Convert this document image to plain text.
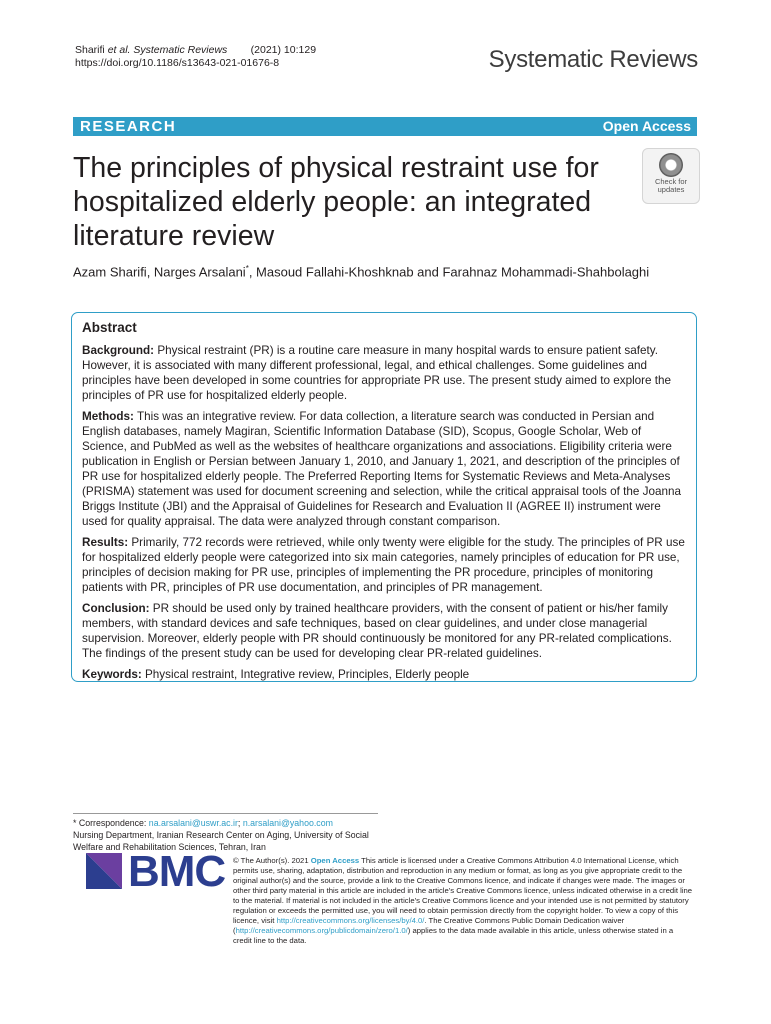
Sharifi et al. Systematic Reviews (2021) 10:129
https://doi.org/10.1186/s13643-021-01676-8	Systematic Reviews
RESEARCH	Open Access
The principles of physical restraint use for hospitalized elderly people: an integrated literature review
Check for
updates
Azam Sharifi, Narges Arsalani*, Masoud Fallahi-Khoshknab and Farahnaz Mohammadi-Shahbolaghi
Abstract

Background: Physical restraint (PR) is a routine care measure in many hospital wards to ensure patient safety. However, it is associated with many different professional, legal, and ethical challenges. Some guidelines and principles have been developed in some countries for appropriate PR use. The present study aimed to explore the principles of PR use for hospitalized elderly people.

Methods: This was an integrative review. For data collection, a literature search was conducted in Persian and English databases, namely Magiran, Scientific Information Database (SID), Scopus, Google Scholar, Web of Science, and PubMed as well as the websites of healthcare organizations and associations. Eligibility criteria were publication in English or Persian between January 1, 2010, and January 1, 2021, and description of the principles of PR use for hospitalized elderly people. The Preferred Reporting Items for Systematic Reviews and Meta-Analyses (PRISMA) statement was used for document screening and selection, while the critical appraisal tools of the Joanna Briggs Institute (JBI) and the Appraisal of Guidelines for Research and Evaluation II (AGREE II) instrument were used for quality appraisal. The data were analyzed through constant comparison.

Results: Primarily, 772 records were retrieved, while only twenty were eligible for the study. The principles of PR use for hospitalized elderly people were categorized into six main categories, namely principles of education for PR use, principles of decision making for PR use, principles of implementing the PR procedure, principles of monitoring patients with PR, principles of PR use documentation, and principles of PR management.

Conclusion: PR should be used only by trained healthcare providers, with the consent of patient or his/her family members, with standard devices and safe techniques, based on clear guidelines, and under close managerial supervision. Moreover, elderly people with PR should continuously be monitored for any PR-related complications. The findings of the present study can be used for developing clear PR-related guidelines.

Keywords: Physical restraint, Integrative review, Principles, Elderly people

* Correspondence: na.arsalani@uswr.ac.ir; n.arsalani@yahoo.com
Nursing Department, Iranian Research Center on Aging, University of Social
Welfare and Rehabilitation Sciences, Tehran, Iran
BMC © The Author(s). 2021 Open Access This article is licensed under a Creative Commons Attribution 4.0 International License, which permits use, sharing, adaptation, distribution and reproduction in any medium or format, as long as you give appropriate credit to the original author(s) and the source, provide a link to the Creative Commons licence, and indicate if changes were made. The images or other third party material in this article are included in the article's Creative Commons licence, unless indicated otherwise in a credit line to the material. If material is not included in the article's Creative Commons licence and your intended use is not permitted by statutory regulation or exceeds the permitted use, you will need to obtain permission directly from the copyright holder. To view a copy of this licence, visit http://creativecommons.org/licenses/by/4.0/. The Creative Commons Public Domain Dedication waiver (http://creativecommons.org/publicdomain/zero/1.0/) applies to the data made available in this article, unless otherwise stated in a credit line to the data.
